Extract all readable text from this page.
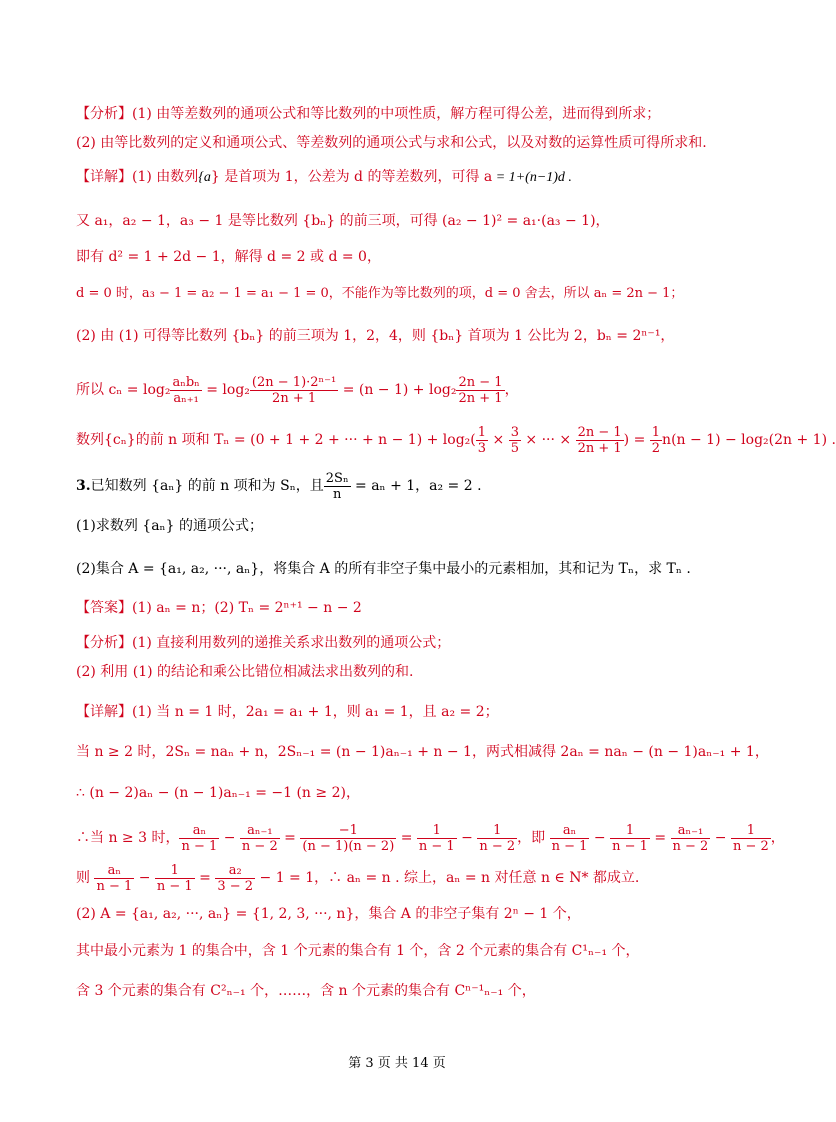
【分析】(1) 由等差数列的通项公式和等比数列的中项性质，解方程可得公差，进而得到所求；
(2) 由等比数列的定义和通项公式、等差数列的通项公式与求和公式，以及对数的运算性质可得所求和.
【详解】(1) 由数列{a} 是首项为 1，公差为 d 的等差数列，可得 a = 1+(n−1)d .
又 a₁，a₂ − 1，a₃ − 1 是等比数列 {bₙ} 的前三项，可得 (a₂ − 1)² = a₁·(a₃ − 1)，
即有 d² = 1 + 2d − 1，解得 d = 2 或 d = 0，
d = 0 时，a₃ − 1 = a₂ − 1 = a₁ − 1 = 0，不能作为等比数列的项，d = 0 舍去，所以 aₙ = 2n − 1；
(2) 由 (1) 可得等比数列 {bₙ} 的前三项为 1，2，4，则 {bₙ} 首项为 1 公比为 2，bₙ = 2ⁿ⁻¹，
所以 $c_n = \log_2 \frac{\text{aₙbₙ}}{\text{aₙ₊₁}} = \log_2 \frac{\text{(2n − 1)·2ⁿ⁻¹}}{2n + 1} = (n - 1) + \log_2 \frac{2n - 1}{2n + 1}$ ，
数列{cₙ}的前 n 项和 Tₙ = (0 + 1 + 2 + ··· + $n - 1) + \log_2( \frac{1}{3} \times \frac{3}{5}$ × ··· × $\frac{2n - 1}{2n + 1}$ ) = $\frac{1}{2} n(n - 1) - \log_2(2n + 1)$ .
3.已知数列 {aₙ} 的前 n 项和为 Sₙ，且 $\frac{\text{2Sₙ}}{n} = a_n + 1$，a₂ = 2 .
(1)求数列 {aₙ} 的通项公式；
(2)集合 A = {a₁, a₂, ···, aₙ}，将集合 A 的所有非空子集中最小的元素相加，其和记为 Tₙ，求 Tₙ .
【答案】(1) aₙ = n；(2) Tₙ = 2ⁿ⁺¹ − n − 2
【分析】(1) 直接利用数列的递推关系求出数列的通项公式；
(2) 利用 (1) 的结论和乘公比错位相减法求出数列的和.
【详解】(1) 当 n = 1 时，2a₁ = a₁ + 1，则 a₁ = 1，且 a₂ = 2；
当 n ≥ 2 时，2Sₙ = naₙ + n，2Sₙ₋₁ = (n − 1)aₙ₋₁ + n − 1，两式相减得 2aₙ = naₙ − (n − 1)aₙ₋₁ + 1，
∴ (n − 2)aₙ − (n − 1)aₙ₋₁ = −1 (n ≥ 2)，
∴当 n ≥ 3 时， $\frac{\text{aₙ}}{n - 1} - \frac{\text{aₙ₋₁}}{n - 2} = \frac{-1}{(n - 1)(n - 2)} = \frac{1}{n - 1} - \frac{1}{n - 2}$ ，即 $\frac{\text{aₙ}}{n - 1} - \frac{1}{n - 1} = \frac{\text{aₙ₋₁}}{n - 2} - \frac{1}{n - 2}$ ，
则 $\frac{\text{aₙ}}{n - 1} - \frac{1}{n - 1} = \frac{\text{a₂}}{3 - 2} - 1 = 1$，∴ aₙ = n . 综上，aₙ = n 对任意 n ∈ N* 都成立.
(2) A = {a₁, a₂, ···, aₙ} = {1, 2, 3, ···, n}，集合 A 的非空子集有 2ⁿ − 1 个，
其中最小元素为 1 的集合中，含 1 个元素的集合有 1 个，含 2 个元素的集合有 C¹ₙ₋₁ 个，
含 3 个元素的集合有 C²ₙ₋₁ 个，……，含 n 个元素的集合有 Cⁿ⁻¹ₙ₋₁ 个，
第 3 页 共 14 页
